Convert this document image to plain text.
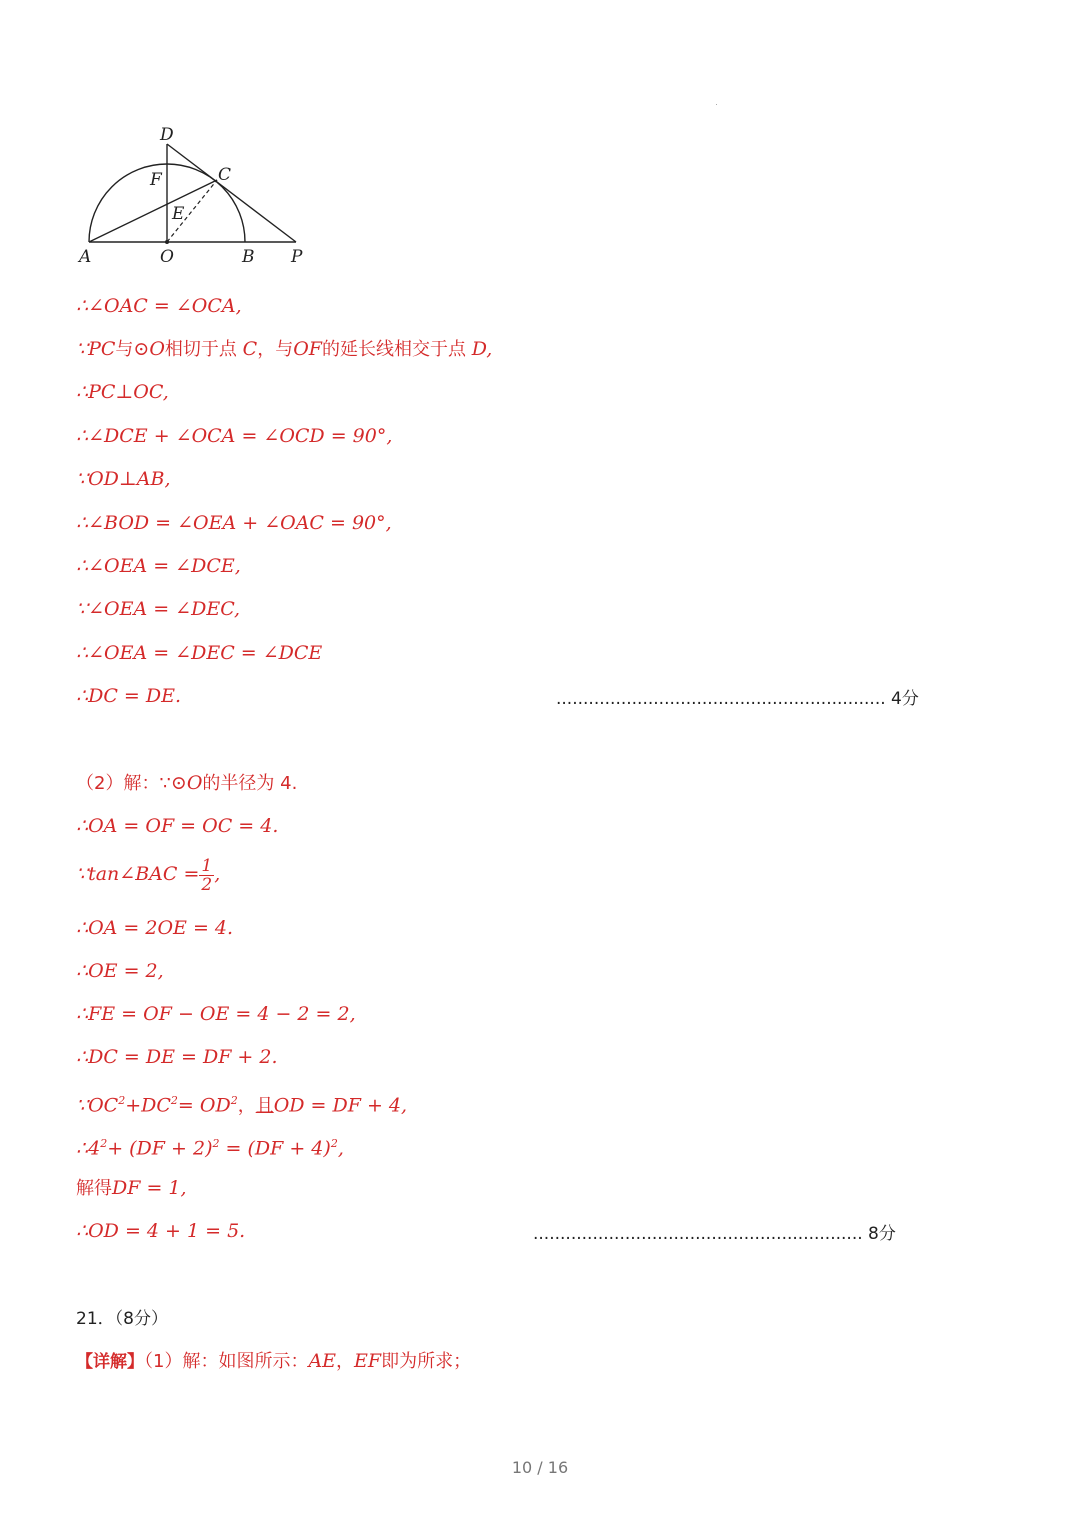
D
F	C
E
A	O	B P
∴∠OAC = ∠OCA,
∵PC与⊙O相切于点 C，与OF的延长线相交于点 D,
∴PC⊥OC,
∴∠DCE + ∠OCA = ∠OCD = 90°,
∵OD⊥AB,
∴∠BOD = ∠OEA + ∠OAC = 90°,
∴∠OEA = ∠DCE,
∵∠OEA = ∠DEC,
∴∠OEA = ∠DEC = ∠DCE
∴DC = DE.	............................................................. 4分
（2）解：∵⊙O的半径为 4.
∴OA = OF = OC = 4.
∵tan∠BAC = $\frac{1}{2}$ ,
∴OA = 2OE = 4.
∴OE = 2,
∴FE = OF − OE = 4 − 2 = 2,
∴DC = DE = DF + 2.
$\because OC^2+DC^2= OD^2$，且OD = DF + 4,
$\therefore 4^2+ (DF + 2)^2 = (DF + 4)^2$,
解得DF = 1,
∴OD = 4 + 1 = 5.	............................................................. 8分
21．（8分）
【详解】（1）解：如图所示：AE，EF即为所求；
10 / 16
